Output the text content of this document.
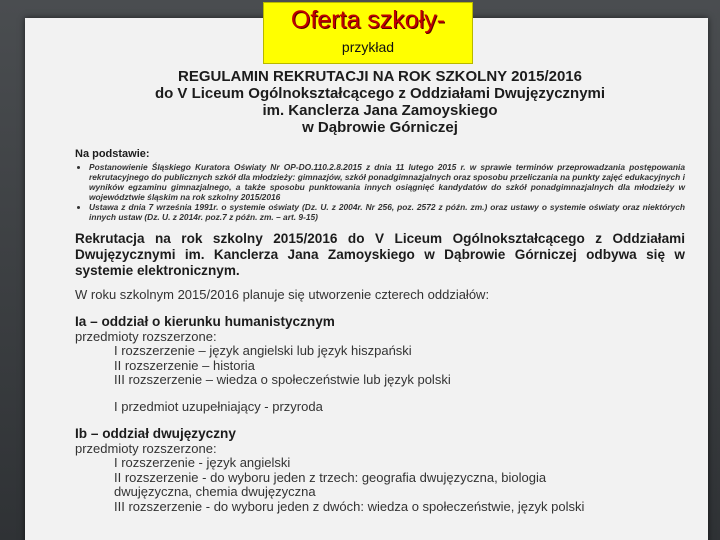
REGULAMIN REKRUTACJI NA ROK SZKOLNY 2015/2016
do V Liceum Ogólnokształcącego z Oddziałami Dwujęzycznymi
im. Kanclerza Jana Zamoyskiego
w Dąbrowie Górniczej
Na podstawie:
• Postanowienie Śląskiego Kuratora Oświaty Nr OP-DO.110.2.8.2015 z dnia 11 lutego 2015 r. w sprawie terminów przeprowadzania postępowania rekrutacyjnego do publicznych szkół dla młodzieży: gimnazjów, szkół ponadgimnazjalnych oraz sposobu przeliczania na punkty zajęć edukacyjnych i wyników egzaminu gimnazjalnego, a także sposobu punktowania innych osiągnięć kandydatów do szkół ponadgimnazjalnych dla młodzieży w województwie śląskim na rok szkolny 2015/2016
• Ustawa z dnia 7 września 1991r. o systemie oświaty (Dz. U. z 2004r. Nr 256, poz. 2572 z późn. zm.) oraz ustawy o systemie oświaty oraz niektórych innych ustaw (Dz. U. z 2014r. poz.7 z późn. zm. – art. 9-15)
Rekrutacja na rok szkolny 2015/2016 do V Liceum Ogólnokształcącego z Oddziałami Dwujęzycznymi im. Kanclerza Jana Zamoyskiego w Dąbrowie Górniczej odbywa się w systemie elektronicznym.
W roku szkolnym 2015/2016 planuje się utworzenie czterech oddziałów:
Ia – oddział o kierunku humanistycznym
przedmioty rozszerzone:
I rozszerzenie – język angielski lub język hiszpański
II rozszerzenie – historia
III rozszerzenie – wiedza o społeczeństwie lub język polski
I przedmiot uzupełniający - przyroda
Ib – oddział dwujęzyczny
przedmioty rozszerzone:
I rozszerzenie - język angielski
II rozszerzenie - do wyboru jeden z trzech: geografia dwujęzyczna, biologia
dwujęzyczna, chemia dwujęzyczna
III rozszerzenie - do wyboru jeden z dwóch: wiedza o społeczeństwie, język polski
Oferta szkoły-
przykład
